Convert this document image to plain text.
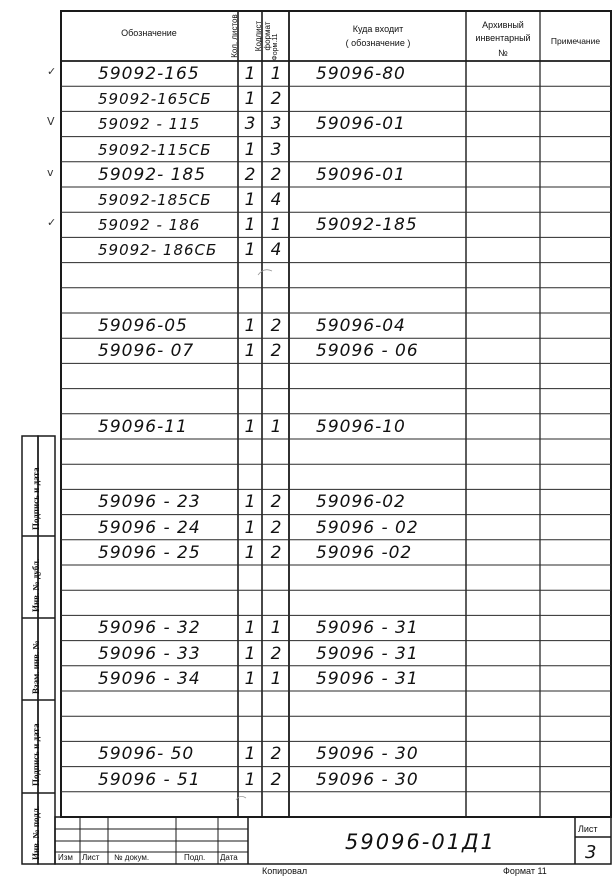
Обозначение	Кол. листов	Кодлист формат Форм.11
Куда входит
( обозначение )
Архивный
инвентарный
№
Примечание
✓ 59092-165	1 1	59096-80
59092-165СБ	1 2
V	59092 - 115	3 3	59096-01
59092-115СБ	1 3
v	59092- 185	2 2	59096-01
59092-185СБ	1 4
✓	59092 - 186	1 1	59092-185
59092- 186СБ	1 4
59096-05	1 2	59096-04
59096- 07	1 2	59096 - 06
59096-11	1 1	59096-10
59096 - 23	1 2	59096-02
59096 - 24	1 2	59096 - 02
59096 - 25	1 2	59096 -02
59096 - 32	1 1	59096 - 31
59096 - 33	1 2	59096 - 31
59096 - 34	1 1	59096 - 31
59096- 50	1 2	59096 - 30
59096 - 51	1 2	59096 - 30
Подпись и дата
Инв. № дубл.
Взам. инв. №
Подпись и дата
Инв. № подл. Изм Лист № докум.	Подп. Дата
59096-01Д1
Лист
3
Копировал	Формат 11
